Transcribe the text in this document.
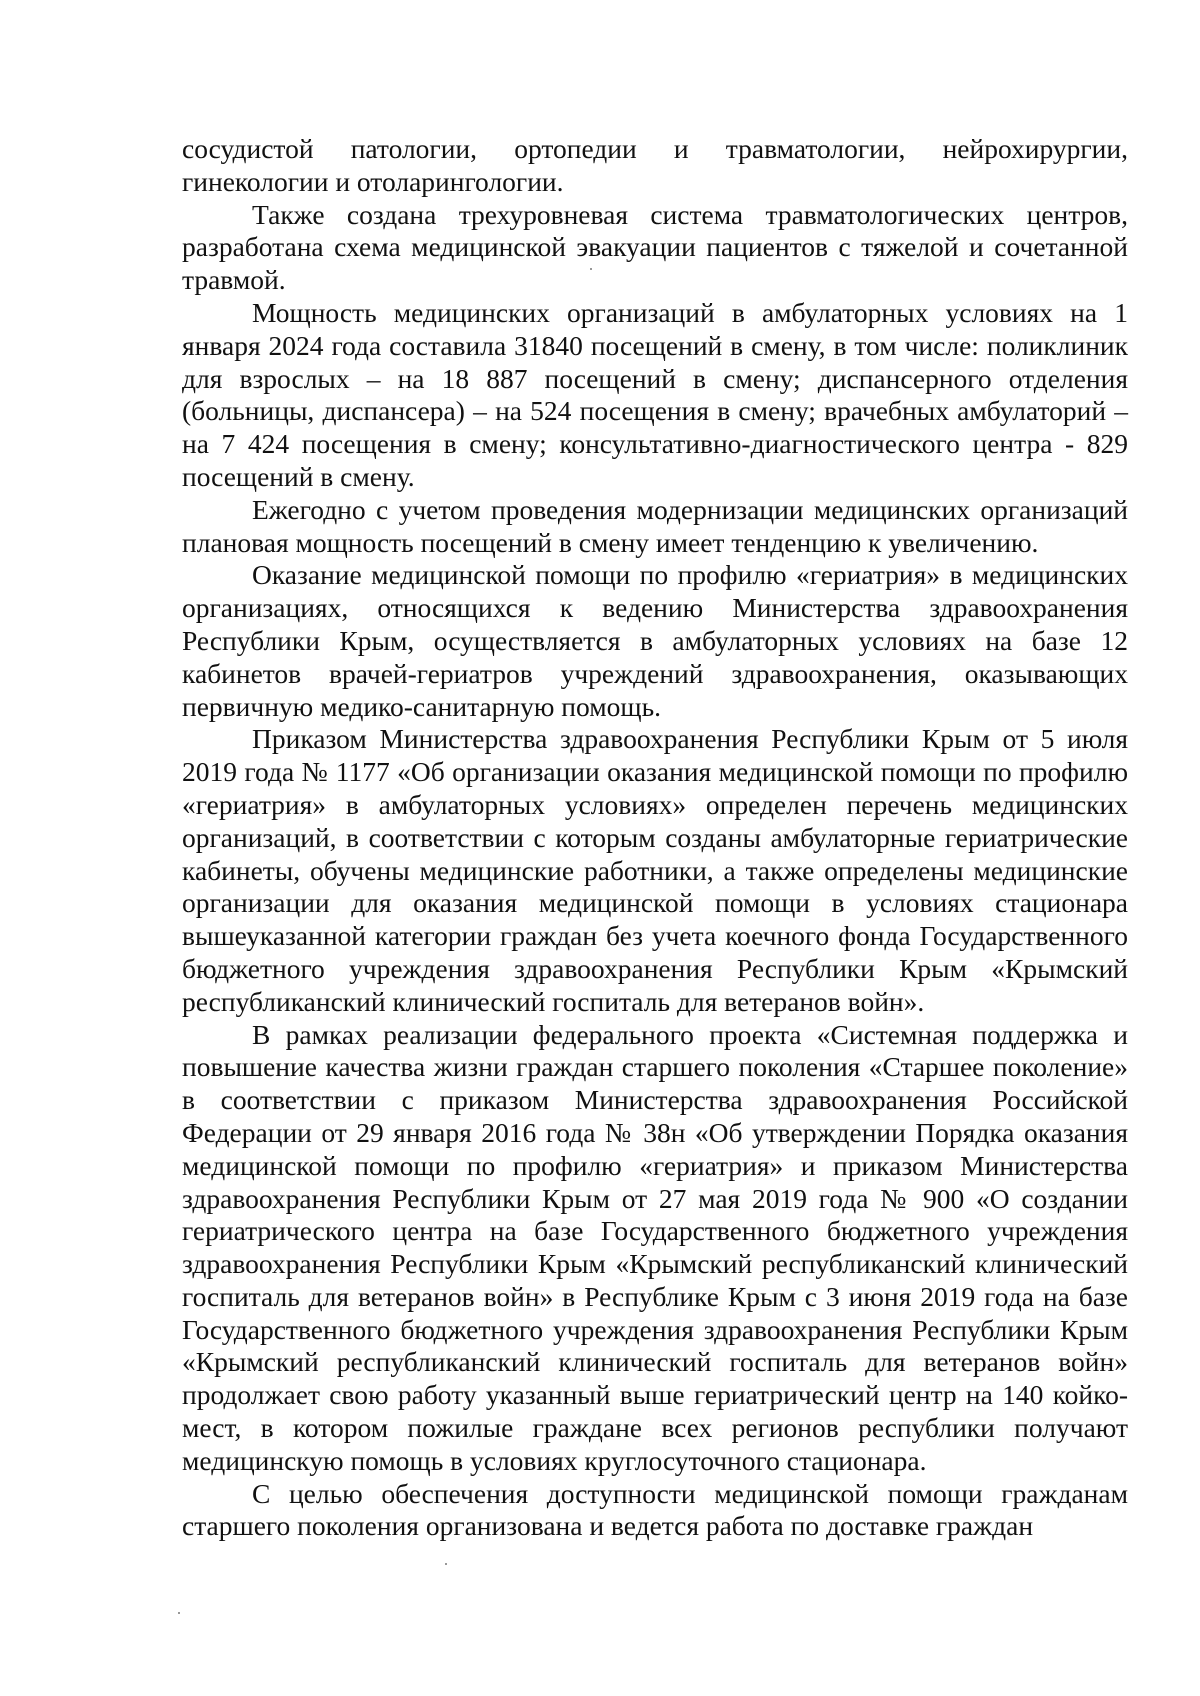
сосудистой патологии, ортопедии и травматологии, нейрохирургии, гинекологии и отоларингологии.

Также создана трехуровневая система травматологических центров, разработана схема медицинской эвакуации пациентов с тяжелой и сочетанной травмой.

Мощность медицинских организаций в амбулаторных условиях на 1 января 2024 года составила 31840 посещений в смену, в том числе: поликлиник для взрослых – на 18 887 посещений в смену; диспансерного отделения (больницы, диспансера) – на 524 посещения в смену; врачебных амбулаторий – на 7 424 посещения в смену; консультативно-диагностического центра - 829 посещений в смену.

Ежегодно с учетом проведения модернизации медицинских организаций плановая мощность посещений в смену имеет тенденцию к увеличению.

Оказание медицинской помощи по профилю «гериатрия» в медицинских организациях, относящихся к ведению Министерства здравоохранения Республики Крым, осуществляется в амбулаторных условиях на базе 12 кабинетов врачей-гериатров учреждений здравоохранения, оказывающих первичную медико-санитарную помощь.

Приказом Министерства здравоохранения Республики Крым от 5 июля 2019 года № 1177 «Об организации оказания медицинской помощи по профилю «гериатрия» в амбулаторных условиях» определен перечень медицинских организаций, в соответствии с которым созданы амбулаторные гериатрические кабинеты, обучены медицинские работники, а также определены медицинские организации для оказания медицинской помощи в условиях стационара вышеуказанной категории граждан без учета коечного фонда Государственного бюджетного учреждения здравоохранения Республики Крым «Крымский республиканский клинический госпиталь для ветеранов войн».

В рамках реализации федерального проекта «Системная поддержка и повышение качества жизни граждан старшего поколения «Старшее поколение» в соответствии с приказом Министерства здравоохранения Российской Федерации от 29 января 2016 года № 38н «Об утверждении Порядка оказания медицинской помощи по профилю «гериатрия» и приказом Министерства здравоохранения Республики Крым от 27 мая 2019 года № 900 «О создании гериатрического центра на базе Государственного бюджетного учреждения здравоохранения Республики Крым «Крымский республиканский клинический госпиталь для ветеранов войн» в Республике Крым с 3 июня 2019 года на базе Государственного бюджетного учреждения здравоохранения Республики Крым «Крымский республиканский клинический госпиталь для ветеранов войн» продолжает свою работу указанный выше гериатрический центр на 140 койко-мест, в котором пожилые граждане всех регионов республики получают медицинскую помощь в условиях круглосуточного стационара.

С целью обеспечения доступности медицинской помощи гражданам старшего поколения организована и ведется работа по доставке граждан
